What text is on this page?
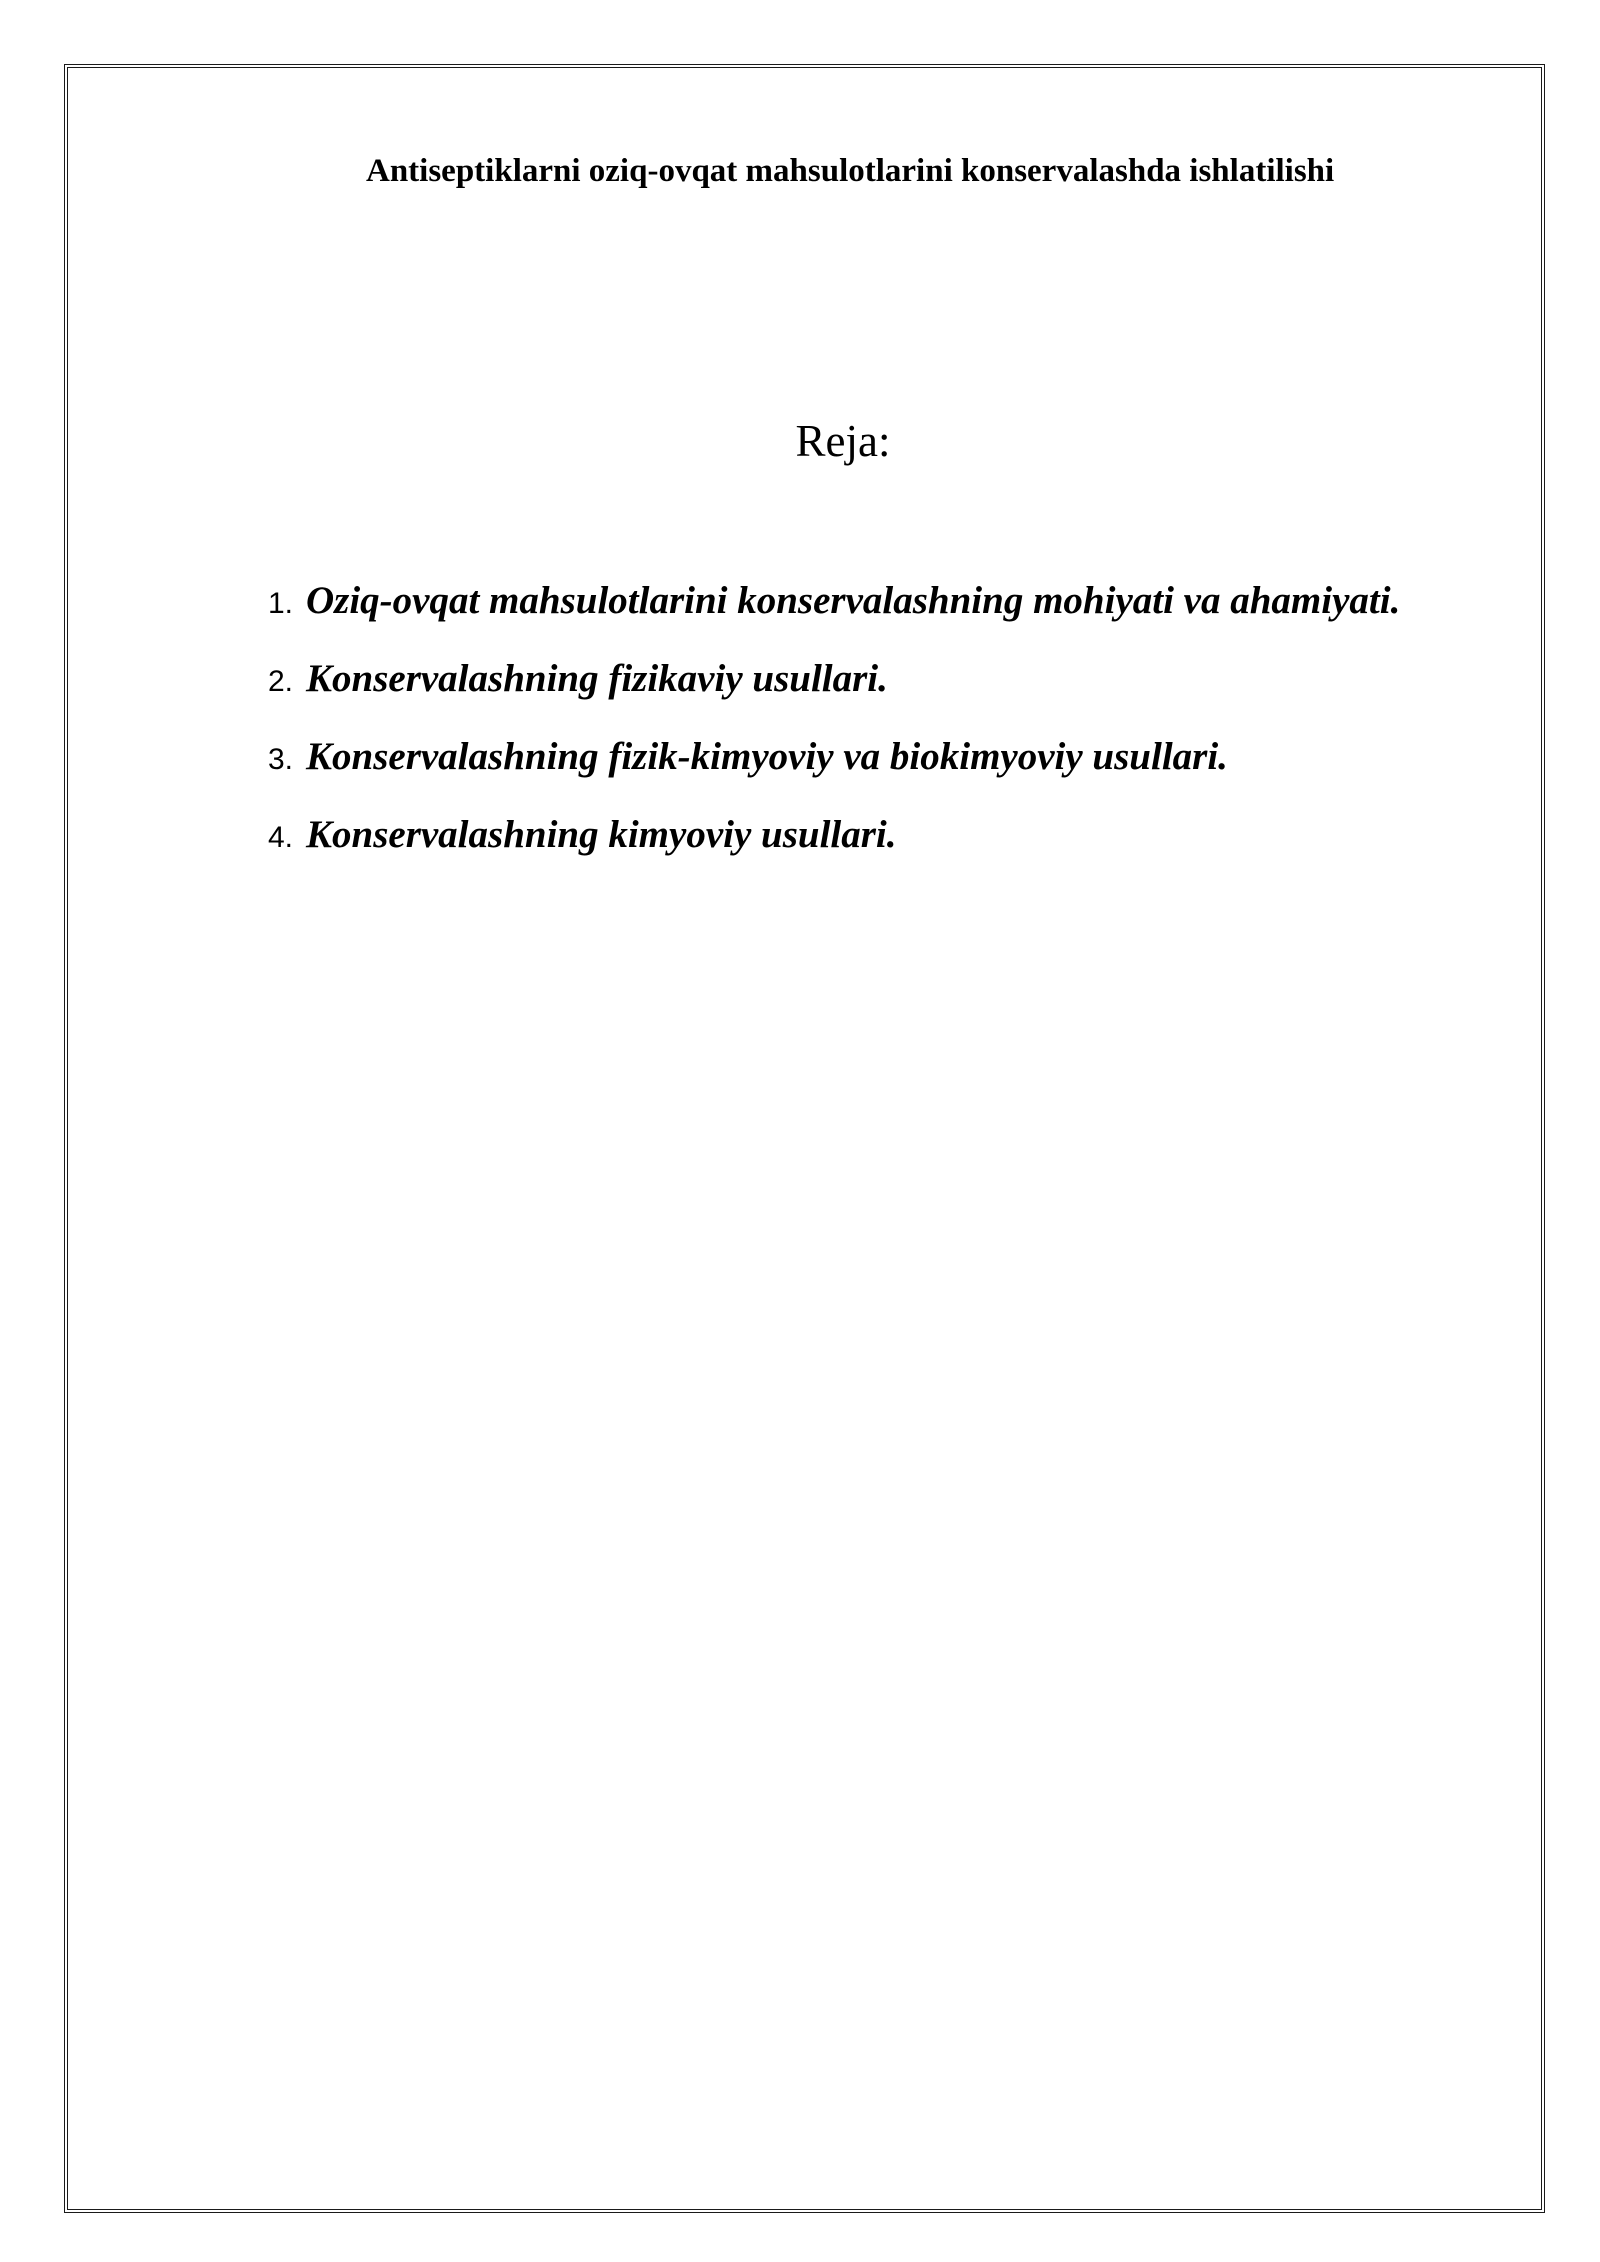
Antiseptiklarni oziq-ovqat mahsulotlarini konservalashda ishlatilishi
Reja:
1. Oziq-ovqat mahsulotlarini konservalashning mohiyati va ahamiyati.
2. Konservalashning fizikaviy usullari.
3. Konservalashning fizik-kimyoviy va biokimyoviy usullari.
4. Konservalashning kimyoviy usullari.
